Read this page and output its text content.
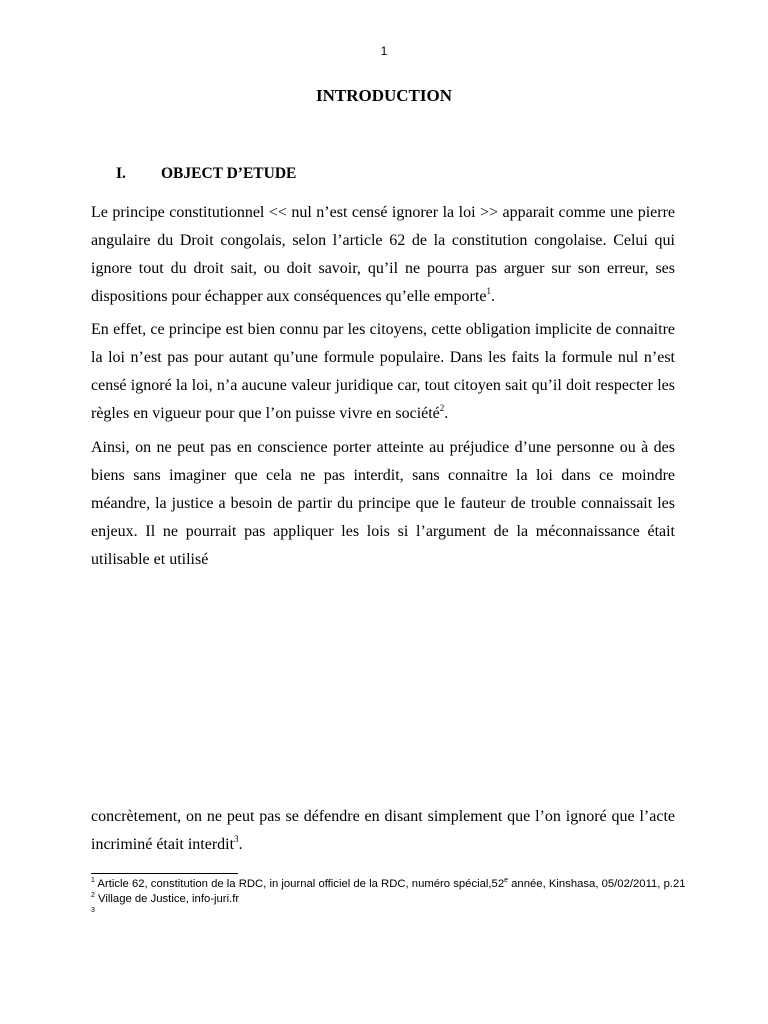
1
INTRODUCTION
I. OBJECT D’ETUDE

Le principe constitutionnel << nul n’est censé ignorer la loi >> apparait comme une pierre angulaire du Droit congolais, selon l’article 62 de la constitution congolaise. Celui qui ignore tout du droit sait, ou doit savoir, qu’il ne pourra pas arguer sur son erreur, ses dispositions pour échapper aux conséquences qu’elle emporte$^1$.

En effet, ce principe est bien connu par les citoyens, cette obligation implicite de connaitre la loi n’est pas pour autant qu’une formule populaire. Dans les faits la formule nul n’est censé ignoré la loi, n’a aucune valeur juridique car, tout citoyen sait qu’il doit respecter les règles en vigueur pour que l’on puisse vivre en société$^2$.

Ainsi, on ne peut pas en conscience porter atteinte au préjudice d’une personne ou à des biens sans imaginer que cela ne pas interdit, sans connaitre la loi dans ce moindre méandre, la justice a besoin de partir du principe que le fauteur de trouble connaissait les enjeux. Il ne pourrait pas appliquer les lois si l’argument de la méconnaissance était utilisable et utilisé

concrètement, on ne peut pas se défendre en disant simplement que l’on ignoré que l’acte incriminé était interdit$^3$.

$^1$ Article 62, constitution de la RDC, in journal officiel de la RDC, numéro spécial,52e année, Kinshasa, 05/02/2011, p.21

$^2$ Village de Justice, info-juri.fr

$^3$
